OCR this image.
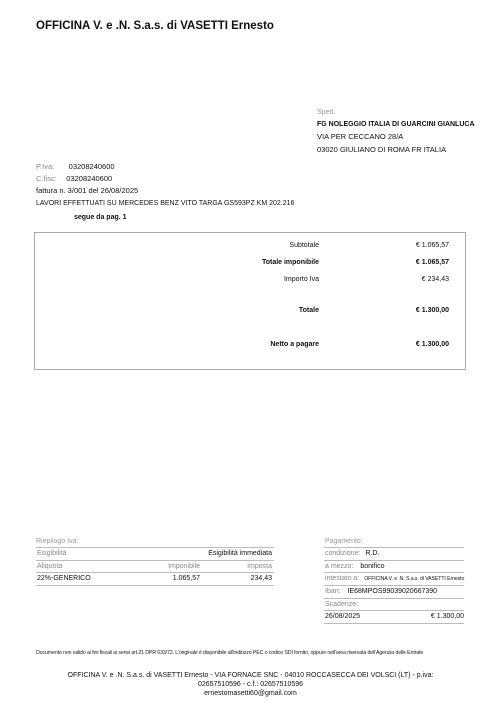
OFFICINA V. e .N. S.a.s. di VASETTI Ernesto
Spett.
FG NOLEGGIO ITALIA DI GUARCINI GIANLUCA
VIA PER CECCANO 28/A
03020 GIULIANO DI ROMA FR ITALIA
P.Iva: 03208240600
C.fisc: 03208240600
fattura n. 3/001 del 26/08/2025
LAVORI EFFETTUATI SU MERCEDES BENZ VITO TARGA GS593PZ KM 202.216
segue da pag. 1
Subtotale	€ 1.065,57
Totale imponibile	€ 1.065,57
Importo Iva	€ 234,43
Totale	€ 1.300,00
Netto a pagare	€ 1.300,00
Riepilogo Iva:
Esigibilità	Esigibilità immediata
Aliquota	Imponibile	Imposta
22%-GENERICO	1.065,57	234,43
Pagamento:
condizione: R.D.
a mezzo: bonifico
intestato a: OFFICINA V. e .N. S.a.s. di VASETTI Ernesto
Iban: IE68MPOS99039020667390
Scadenze:
26/08/2025	€ 1.300,00
Documento non valido ai fini fiscali ai sensi art.21 DPR 633/72. L'originale è disponibile all'indirizzo PEC o codice SDI fornito, oppure nell'area riservata dell'Agenzia delle Entrate
OFFICINA V. e .N. S.a.s. di VASETTI Ernesto - VIA FORNACE SNC - 04010 ROCCASECCA DEI VOLSCI (LT) - p.iva:
02657510596 - c.f.: 02657510596
ernestomasetti60@gmail.com
